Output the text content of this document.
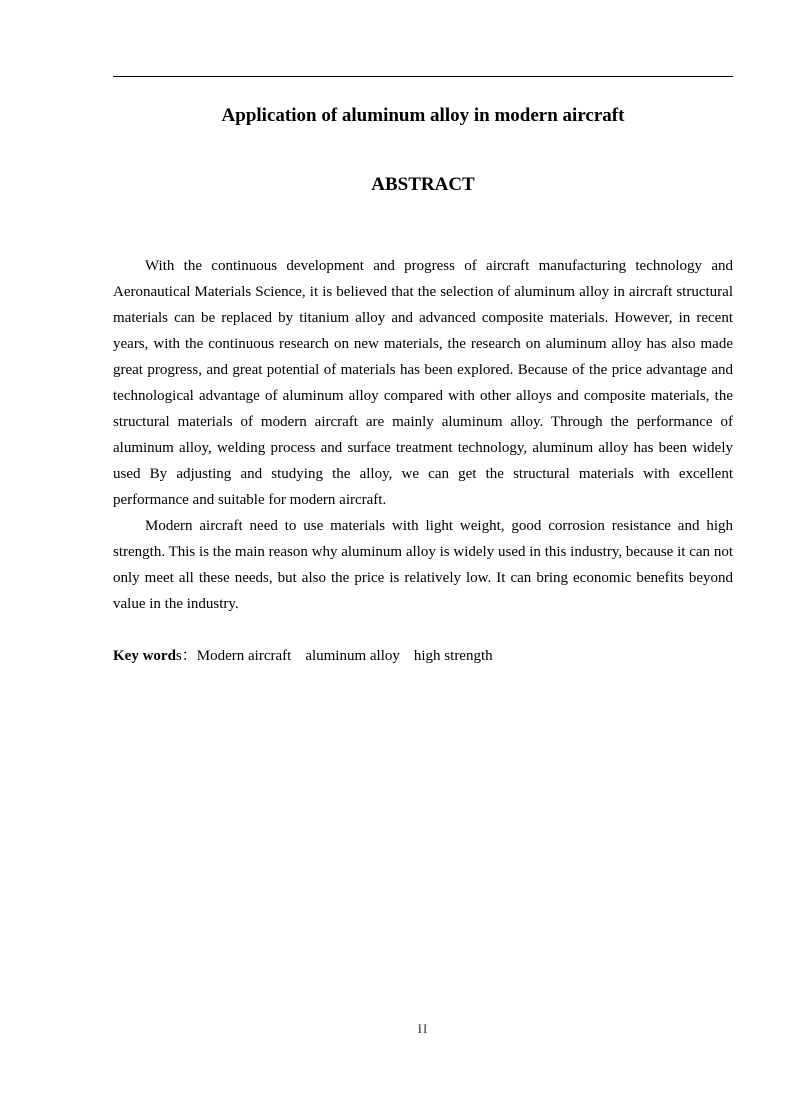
Application of aluminum alloy in modern aircraft
ABSTRACT

With the continuous development and progress of aircraft manufacturing technology and Aeronautical Materials Science, it is believed that the selection of aluminum alloy in aircraft structural materials can be replaced by titanium alloy and advanced composite materials. However, in recent years, with the continuous research on new materials, the research on aluminum alloy has also made great progress, and great potential of materials has been explored. Because of the price advantage and technological advantage of aluminum alloy compared with other alloys and composite materials, the structural materials of modern aircraft are mainly aluminum alloy. Through the performance of aluminum alloy, welding process and surface treatment technology, aluminum alloy has been widely used By adjusting and studying the alloy, we can get the structural materials with excellent performance and suitable for modern aircraft.

Modern aircraft need to use materials with light weight, good corrosion resistance and high strength. This is the main reason why aluminum alloy is widely used in this industry, because it can not only meet all these needs, but also the price is relatively low. It can bring economic benefits beyond value in the industry.

Key words：Modern aircraft aluminum alloy high strength

II
